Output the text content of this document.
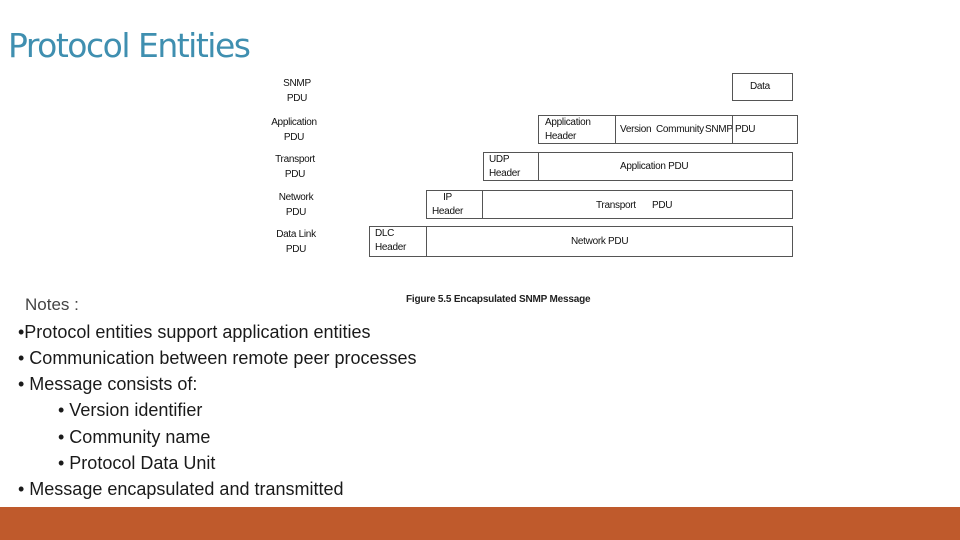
Protocol Entities
SNMP
PDU
Application
PDU
Transport
PDU
Network
PDU
Data Link
PDU
Data
Application
Header
Version Community SNMP PDU
UDP
Header
Application PDU
IP
Header
Transport PDU
DLC
Header
Network PDU
Figure 5.5 Encapsulated SNMP Message
Notes :
•Protocol entities support application entities
• Communication between remote peer processes
• Message consists of:
• Version identifier
• Community name
• Protocol Data Unit
• Message encapsulated and transmitted
